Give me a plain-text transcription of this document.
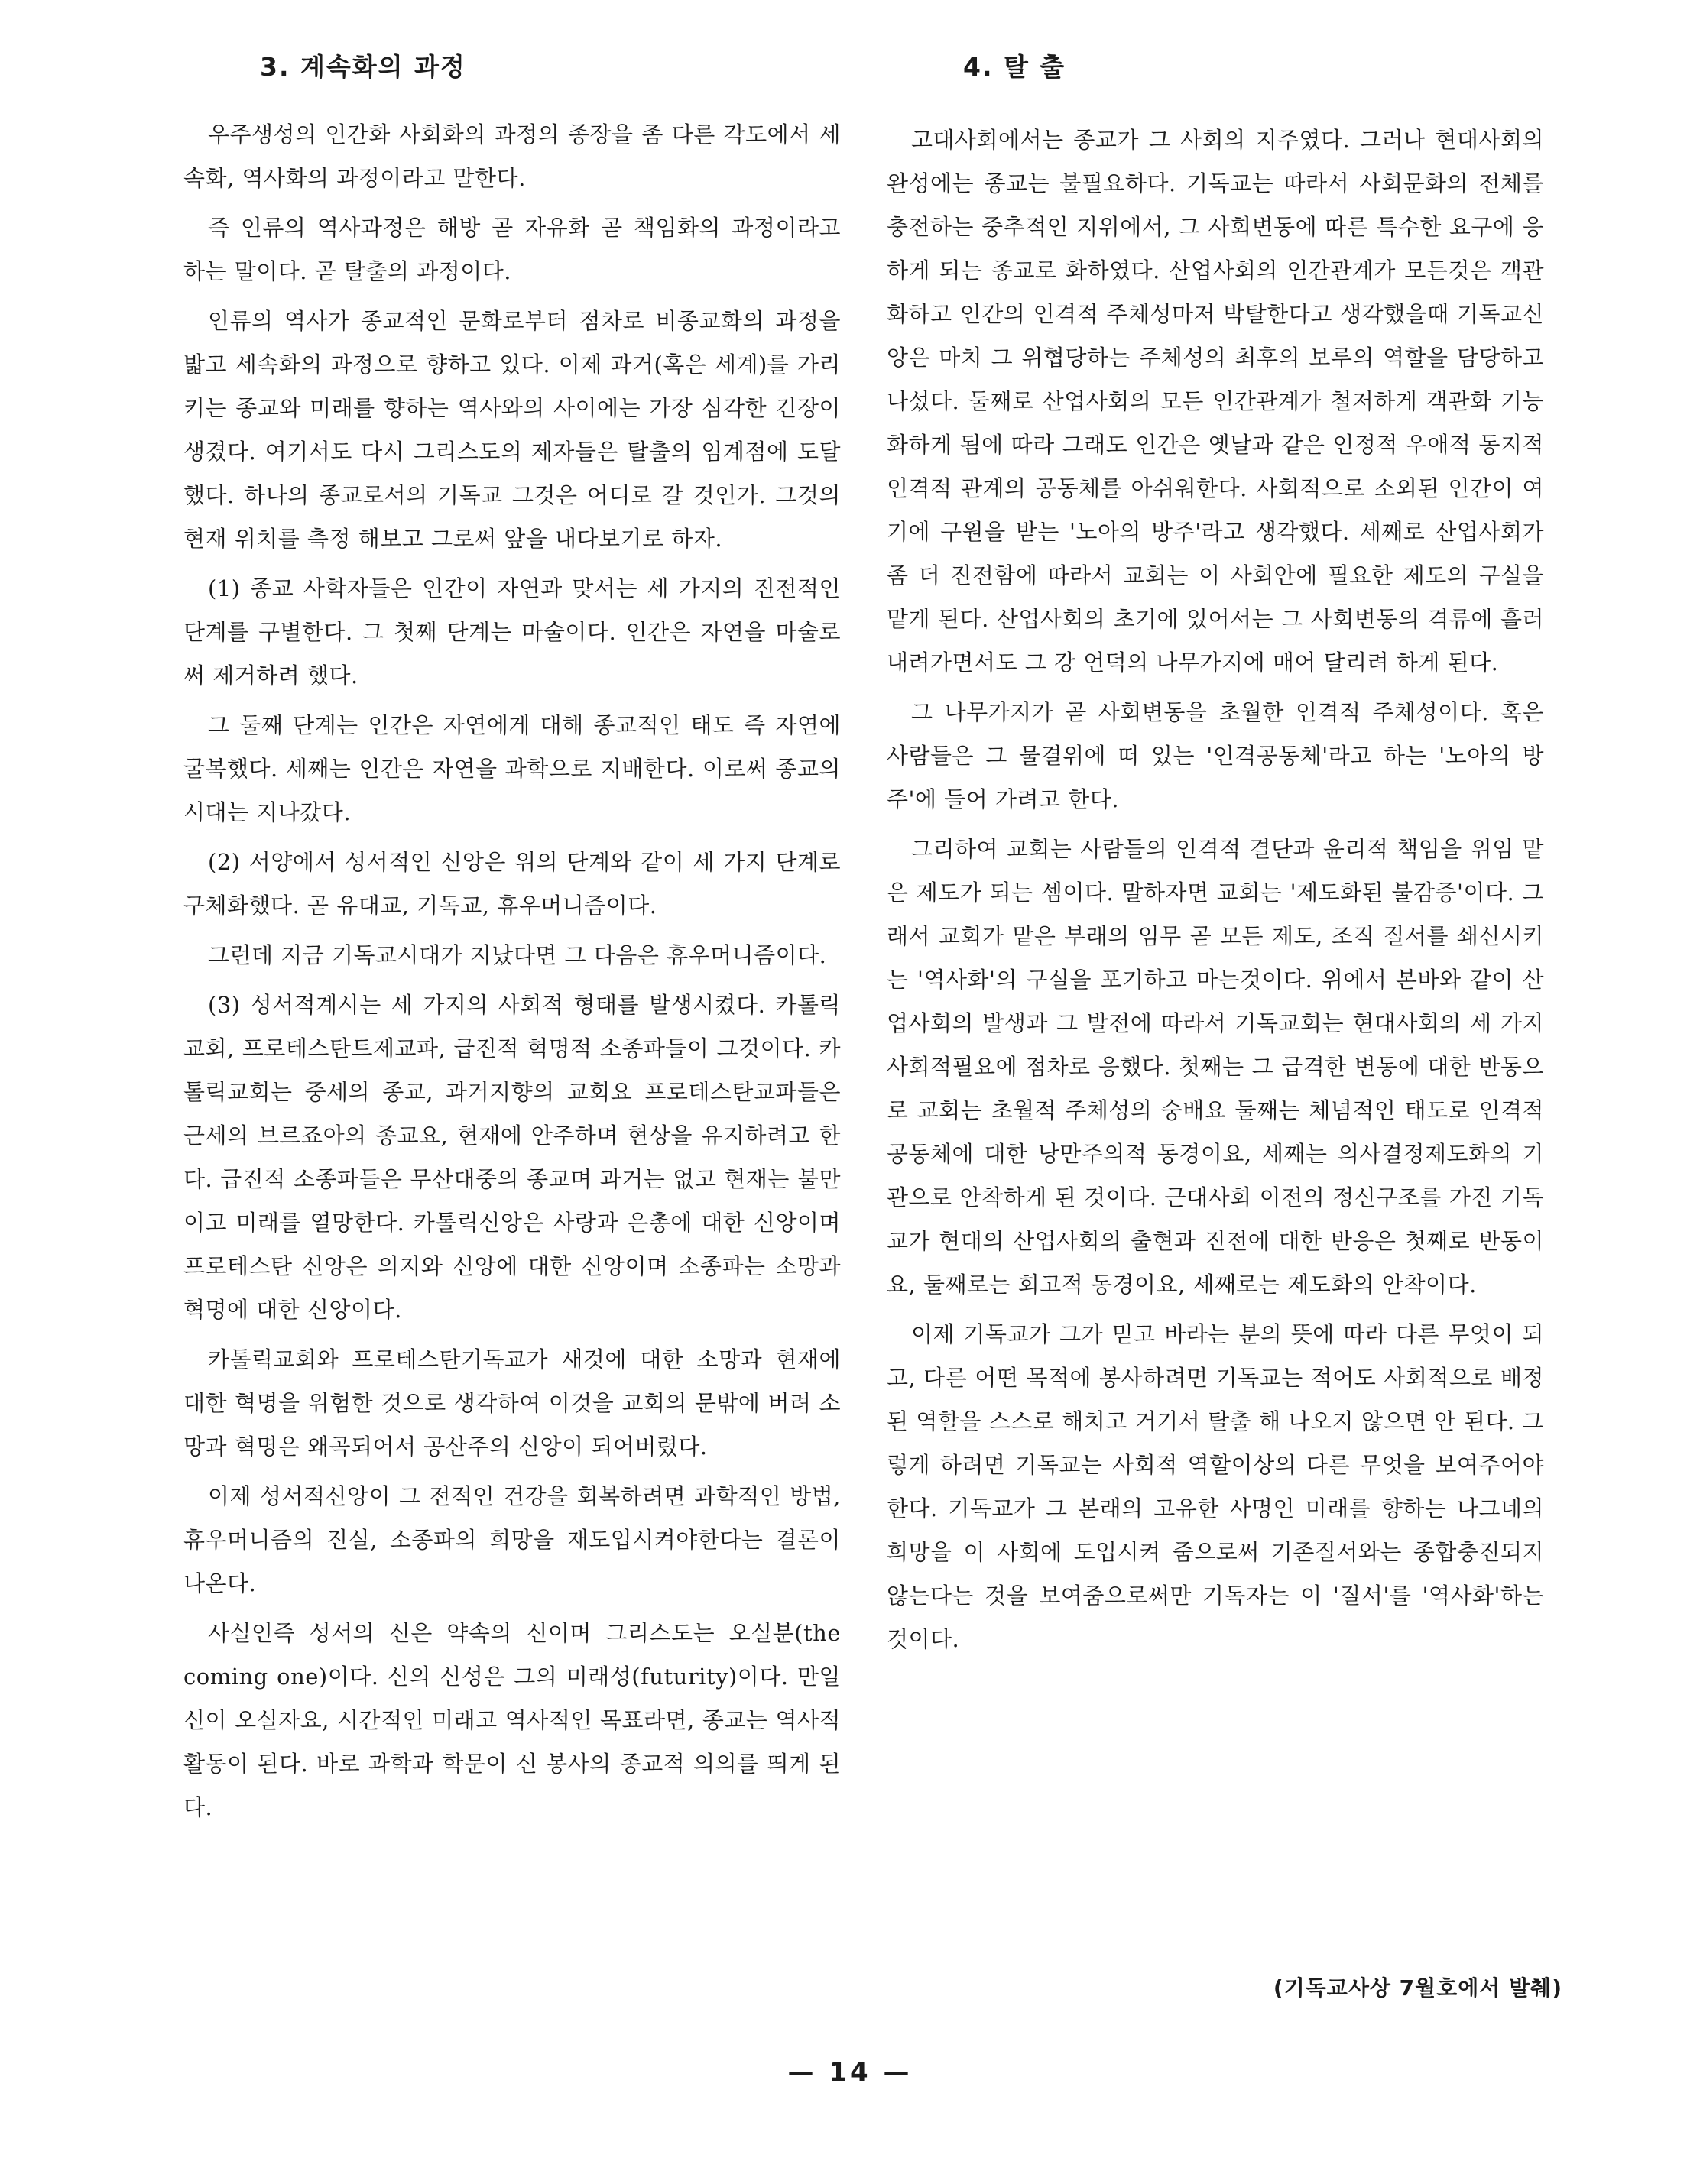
3. 계속화의 과정

우주생성의 인간화 사회화의 과정의 종장을 좀 다른 각도에서 세속화, 역사화의 과정이라고 말한다.

즉 인류의 역사과정은 해방 곧 자유화 곧 책임화의 과정이라고 하는 말이다. 곧 탈출의 과정이다.

인류의 역사가 종교적인 문화로부터 점차로 비종교화의 과정을 밟고 세속화의 과정으로 향하고 있다. 이제 과거(혹은 세계)를 가리키는 종교와 미래를 향하는 역사와의 사이에는 가장 심각한 긴장이 생겼다. 여기서도 다시 그리스도의 제자들은 탈출의 임계점에 도달했다. 하나의 종교로서의 기독교 그것은 어디로 갈 것인가. 그것의 현재 위치를 측정 해보고 그로써 앞을 내다보기로 하자.

(1) 종교 사학자들은 인간이 자연과 맞서는 세 가지의 진전적인 단계를 구별한다. 그 첫째 단계는 마술이다. 인간은 자연을 마술로써 제거하려 했다.

그 둘째 단계는 인간은 자연에게 대해 종교적인 태도 즉 자연에 굴복했다. 세째는 인간은 자연을 과학으로 지배한다. 이로써 종교의 시대는 지나갔다.

(2) 서양에서 성서적인 신앙은 위의 단계와 같이 세 가지 단계로 구체화했다. 곧 유대교, 기독교, 휴우머니즘이다.

그런데 지금 기독교시대가 지났다면 그 다음은 휴우머니즘이다.

(3) 성서적계시는 세 가지의 사회적 형태를 발생시켰다. 카톨릭교회, 프로테스탄트제교파, 급진적 혁명적 소종파들이 그것이다. 카톨릭교회는 중세의 종교, 과거지향의 교회요 프로테스탄교파들은 근세의 브르죠아의 종교요, 현재에 안주하며 현상을 유지하려고 한다. 급진적 소종파들은 무산대중의 종교며 과거는 없고 현재는 불만이고 미래를 열망한다. 카톨릭신앙은 사랑과 은총에 대한 신앙이며 프로테스탄 신앙은 의지와 신앙에 대한 신앙이며 소종파는 소망과 혁명에 대한 신앙이다.

카톨릭교회와 프로테스탄기독교가 새것에 대한 소망과 현재에 대한 혁명을 위험한 것으로 생각하여 이것을 교회의 문밖에 버려 소망과 혁명은 왜곡되어서 공산주의 신앙이 되어버렸다.

이제 성서적신앙이 그 전적인 건강을 회복하려면 과학적인 방법, 휴우머니즘의 진실, 소종파의 희망을 재도입시켜야한다는 결론이 나온다.

사실인즉 성서의 신은 약속의 신이며 그리스도는 오실분(the coming one)이다. 신의 신성은 그의 미래성(futurity)이다. 만일 신이 오실자요, 시간적인 미래고 역사적인 목표라면, 종교는 역사적활동이 된다. 바로 과학과 학문이 신 봉사의 종교적 의의를 띄게 된다.

4. 탈 출

고대사회에서는 종교가 그 사회의 지주였다. 그러나 현대사회의 완성에는 종교는 불필요하다. 기독교는 따라서 사회문화의 전체를 충전하는 중추적인 지위에서, 그 사회변동에 따른 특수한 요구에 응하게 되는 종교로 화하였다. 산업사회의 인간관계가 모든것은 객관화하고 인간의 인격적 주체성마저 박탈한다고 생각했을때 기독교신앙은 마치 그 위협당하는 주체성의 최후의 보루의 역할을 담당하고 나섰다. 둘째로 산업사회의 모든 인간관계가 철저하게 객관화 기능화하게 됨에 따라 그래도 인간은 옛날과 같은 인정적 우애적 동지적 인격적 관계의 공동체를 아쉬워한다. 사회적으로 소외된 인간이 여기에 구원을 받는 '노아의 방주'라고 생각했다. 세째로 산업사회가 좀 더 진전함에 따라서 교회는 이 사회안에 필요한 제도의 구실을 맡게 된다. 산업사회의 초기에 있어서는 그 사회변동의 격류에 흘러 내려가면서도 그 강 언덕의 나무가지에 매어 달리려 하게 된다.

그 나무가지가 곧 사회변동을 초월한 인격적 주체성이다. 혹은 사람들은 그 물결위에 떠 있는 '인격공동체'라고 하는 '노아의 방주'에 들어 가려고 한다.

그리하여 교회는 사람들의 인격적 결단과 윤리적 책임을 위임 맡은 제도가 되는 셈이다. 말하자면 교회는 '제도화된 불감증'이다. 그래서 교회가 맡은 부래의 임무 곧 모든 제도, 조직 질서를 쇄신시키는 '역사화'의 구실을 포기하고 마는것이다. 위에서 본바와 같이 산업사회의 발생과 그 발전에 따라서 기독교회는 현대사회의 세 가지 사회적필요에 점차로 응했다. 첫째는 그 급격한 변동에 대한 반동으로 교회는 초월적 주체성의 숭배요 둘째는 체념적인 태도로 인격적 공동체에 대한 낭만주의적 동경이요, 세째는 의사결정제도화의 기관으로 안착하게 된 것이다. 근대사회 이전의 정신구조를 가진 기독교가 현대의 산업사회의 출현과 진전에 대한 반응은 첫째로 반동이요, 둘째로는 회고적 동경이요, 세째로는 제도화의 안착이다.

이제 기독교가 그가 믿고 바라는 분의 뜻에 따라 다른 무엇이 되고, 다른 어떤 목적에 봉사하려면 기독교는 적어도 사회적으로 배정된 역할을 스스로 해치고 거기서 탈출 해 나오지 않으면 안 된다. 그렇게 하려면 기독교는 사회적 역할이상의 다른 무엇을 보여주어야 한다. 기독교가 그 본래의 고유한 사명인 미래를 향하는 나그네의 희망을 이 사회에 도입시켜 줌으로써 기존질서와는 종합충진되지 않는다는 것을 보여줌으로써만 기독자는 이 '질서'를 '역사화'하는 것이다.

(기독교사상 7월호에서 발췌)
— 14 —
